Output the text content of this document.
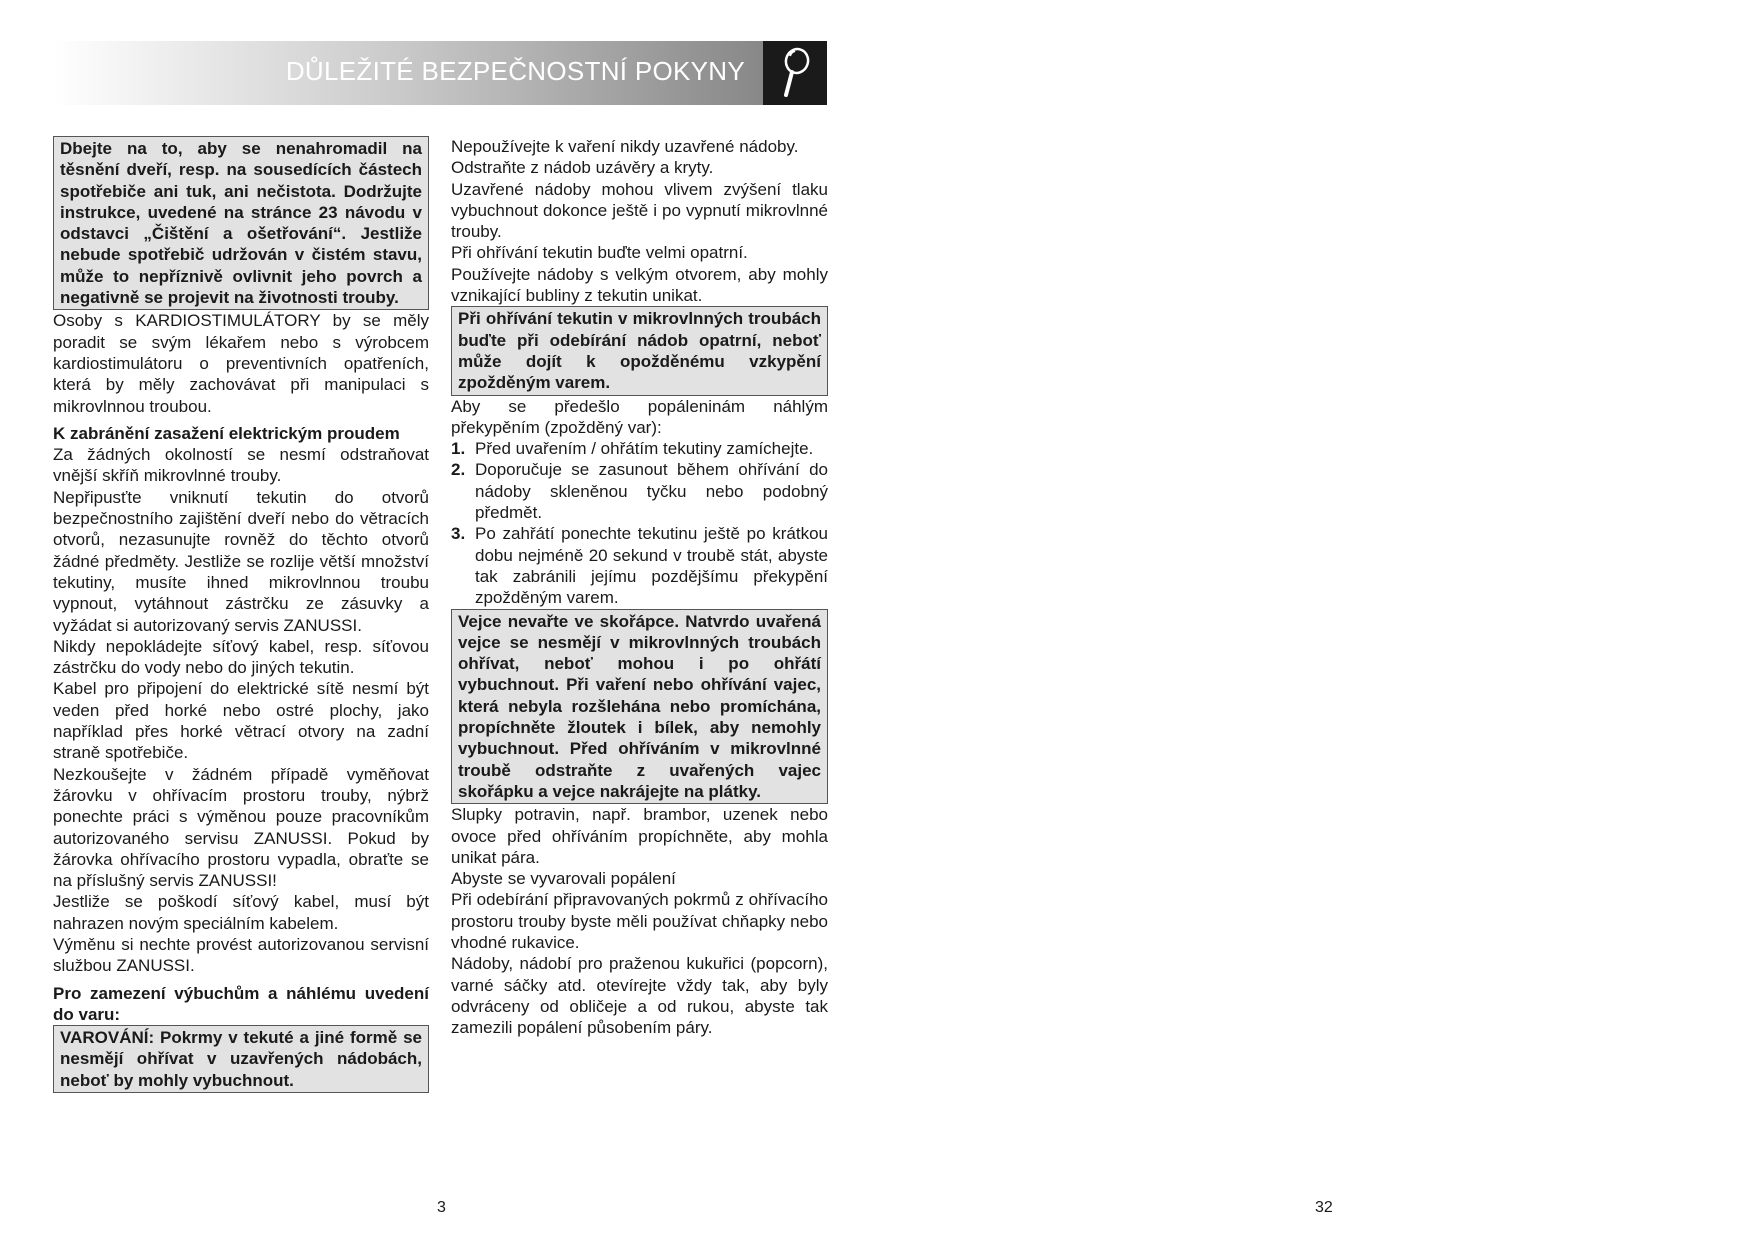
DŮLEŽITÉ BEZPEČNOSTNÍ POKYNY

Dbejte na to, aby se nenahromadil na těsnění dveří, resp. na sousedících částech spotřebiče ani tuk, ani nečistota. Dodržujte instrukce, uvedené na stránce 23 návodu v odstavci „Čištění a ošetřování“. Jestliže nebude spotřebič udržován v čistém stavu, může to nepříznivě ovlivnit jeho povrch a negativně se projevit na životnosti trouby.

Osoby s KARDIOSTIMULÁTORY by se měly poradit se svým lékařem nebo s výrobcem kardiostimulátoru o preventivních opatřeních, která by měly zachovávat při manipulaci s mikrovlnnou troubou.

K zabránění zasažení elektrickým proudem

Za žádných okolností se nesmí odstraňovat vnější skříň mikrovlnné trouby.

Nepřipusťte vniknutí tekutin do otvorů bezpečnostního zajištění dveří nebo do větracích otvorů, nezasunujte rovněž do těchto otvorů žádné předměty. Jestliže se rozlije větší množství tekutiny, musíte ihned mikrovlnnou troubu vypnout, vytáhnout zástrčku ze zásuvky a vyžádat si autorizovaný servis ZANUSSI.

Nikdy nepokládejte síťový kabel, resp. síťovou zástrčku do vody nebo do jiných tekutin.

Kabel pro připojení do elektrické sítě nesmí být veden před horké nebo ostré plochy, jako například přes horké větrací otvory na zadní straně spotřebiče.

Nezkoušejte v žádném případě vyměňovat žárovku v ohřívacím prostoru trouby, nýbrž ponechte práci s výměnou pouze pracovníkům autorizovaného servisu ZANUSSI. Pokud by žárovka ohřívacího prostoru vypadla, obraťte se na příslušný servis ZANUSSI!

Jestliže se poškodí síťový kabel, musí být nahrazen novým speciálním kabelem.

Výměnu si nechte provést autorizovanou servisní službou ZANUSSI.

Pro zamezení výbuchům a náhlému uvedení do varu:

VAROVÁNÍ: Pokrmy v tekuté a jiné formě se nesmějí ohřívat v uzavřených nádobách, neboť by mohly vybuchnout.

Nepoužívejte k vaření nikdy uzavřené nádoby.

Odstraňte z nádob uzávěry a kryty.

Uzavřené nádoby mohou vlivem zvýšení tlaku vybuchnout dokonce ještě i po vypnutí mikrovlnné trouby.

Při ohřívání tekutin buďte velmi opatrní.

Používejte nádoby s velkým otvorem, aby mohly vznikající bubliny z tekutin unikat.

Při ohřívání tekutin v mikrovlnných troubách buďte při odebírání nádob opatrní, neboť může dojít k opožděnému vzkypění zpožděným varem.

Aby se předešlo popáleninám náhlým překypěním (zpožděný var):

1. Před uvařením / ohřátím tekutiny zamíchejte.
2. Doporučuje se zasunout během ohřívání do nádoby skleněnou tyčku nebo podobný předmět.
3. Po zahřátí ponechte tekutinu ještě po krátkou dobu nejméně 20 sekund v troubě stát, abyste tak zabránili jejímu pozdějšímu překypění zpožděným varem.

Vejce nevařte ve skořápce. Natvrdo uvařená vejce se nesmějí v mikrovlnných troubách ohřívat, neboť mohou i po ohřátí vybuchnout. Při vaření nebo ohřívání vajec, která nebyla rozšlehána nebo promíchána, propíchněte žloutek i bílek, aby nemohly vybuchnout. Před ohříváním v mikrovlnné troubě odstraňte z uvařených vajec skořápku a vejce nakrájejte na plátky.

Slupky potravin, např. brambor, uzenek nebo ovoce před ohříváním propíchněte, aby mohla unikat pára.

Abyste se vyvarovali popálení

Při odebírání připravovaných pokrmů z ohřívacího prostoru trouby byste měli používat chňapky nebo vhodné rukavice.

Nádoby, nádobí pro praženou kukuřici (popcorn), varné sáčky atd. otevírejte vždy tak, aby byly odvráceny od obličeje a od rukou, abyste tak zamezili popálení působením páry.

3	32
